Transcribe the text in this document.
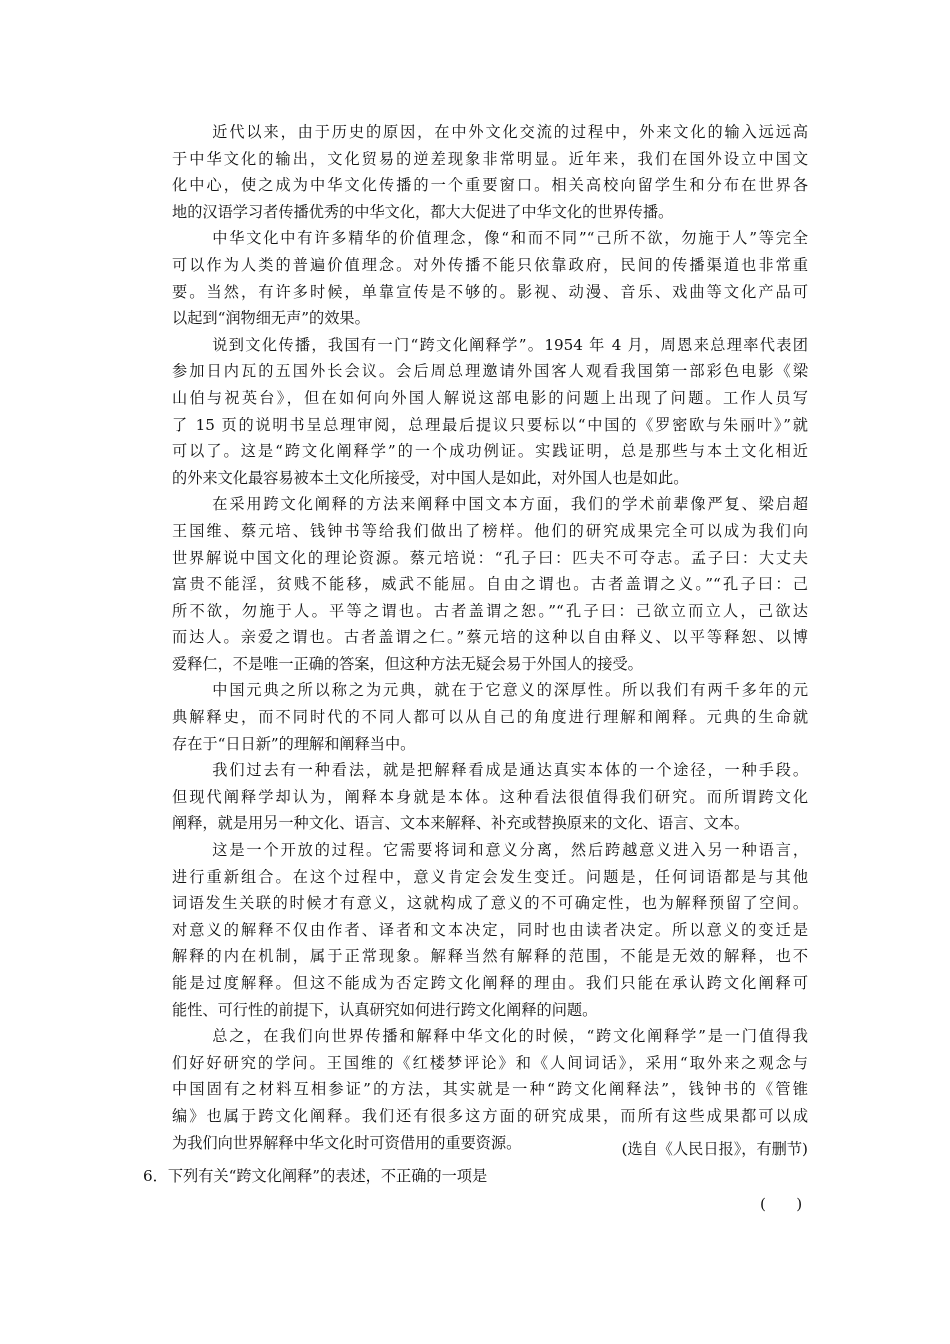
近代以来，由于历史的原因，在中外文化交流的过程中，外来文化的输入远远高
于中华文化的输出，文化贸易的逆差现象非常明显。近年来，我们在国外设立中国文
化中心，使之成为中华文化传播的一个重要窗口。相关高校向留学生和分布在世界各
地的汉语学习者传播优秀的中华文化，都大大促进了中华文化的世界传播。
中华文化中有许多精华的价值理念，像“和而不同”“己所不欲，勿施于人”等完全
可以作为人类的普遍价值理念。对外传播不能只依靠政府，民间的传播渠道也非常重
要。当然，有许多时候，单靠宣传是不够的。影视、动漫、音乐、戏曲等文化产品可
以起到“润物细无声”的效果。
说到文化传播，我国有一门“跨文化阐释学”。1954 年 4 月，周恩来总理率代表团
参加日内瓦的五国外长会议。会后周总理邀请外国客人观看我国第一部彩色电影《梁
山伯与祝英台》，但在如何向外国人解说这部电影的问题上出现了问题。工作人员写
了 15 页的说明书呈总理审阅，总理最后提议只要标以“中国的《罗密欧与朱丽叶》”就
可以了。这是“跨文化阐释学”的一个成功例证。实践证明，总是那些与本土文化相近
的外来文化最容易被本土文化所接受，对中国人是如此，对外国人也是如此。
在采用跨文化阐释的方法来阐释中国文本方面，我们的学术前辈像严复、梁启超
王国维、蔡元培、钱钟书等给我们做出了榜样。他们的研究成果完全可以成为我们向
世界解说中国文化的理论资源。蔡元培说：“孔子曰：匹夫不可夺志。孟子曰：大丈夫
富贵不能淫，贫贱不能移，威武不能屈。自由之谓也。古者盖谓之义。”“孔子曰：己
所不欲，勿施于人。平等之谓也。古者盖谓之恕。”“孔子曰：己欲立而立人，己欲达
而达人。亲爱之谓也。古者盖谓之仁。”蔡元培的这种以自由释义、以平等释恕、以博
爱释仁，不是唯一正确的答案，但这种方法无疑会易于外国人的接受。
中国元典之所以称之为元典，就在于它意义的深厚性。所以我们有两千多年的元
典解释史，而不同时代的不同人都可以从自己的角度进行理解和阐释。元典的生命就
存在于“日日新”的理解和阐释当中。
我们过去有一种看法，就是把解释看成是通达真实本体的一个途径，一种手段。
但现代阐释学却认为，阐释本身就是本体。这种看法很值得我们研究。而所谓跨文化
阐释，就是用另一种文化、语言、文本来解释、补充或替换原来的文化、语言、文本。
这是一个开放的过程。它需要将词和意义分离，然后跨越意义进入另一种语言，
进行重新组合。在这个过程中，意义肯定会发生变迁。问题是，任何词语都是与其他
词语发生关联的时候才有意义，这就构成了意义的不可确定性，也为解释预留了空间。
对意义的解释不仅由作者、译者和文本决定，同时也由读者决定。所以意义的变迁是
解释的内在机制，属于正常现象。解释当然有解释的范围，不能是无效的解释，也不
能是过度解释。但这不能成为否定跨文化阐释的理由。我们只能在承认跨文化阐释可
能性、可行性的前提下，认真研究如何进行跨文化阐释的问题。
总之，在我们向世界传播和解释中华文化的时候，“跨文化阐释学”是一门值得我
们好好研究的学问。王国维的《红楼梦评论》和《人间词话》，采用“取外来之观念与
中国固有之材料互相参证”的方法，其实就是一种“跨文化阐释法”，钱钟书的《管锥
编》也属于跨文化阐释。我们还有很多这方面的研究成果，而所有这些成果都可以成
为我们向世界解释中华文化时可资借用的重要资源。	(选自《人民日报》，有删节)
6．下列有关“跨文化阐释”的表述，不正确的一项是
(　　)
